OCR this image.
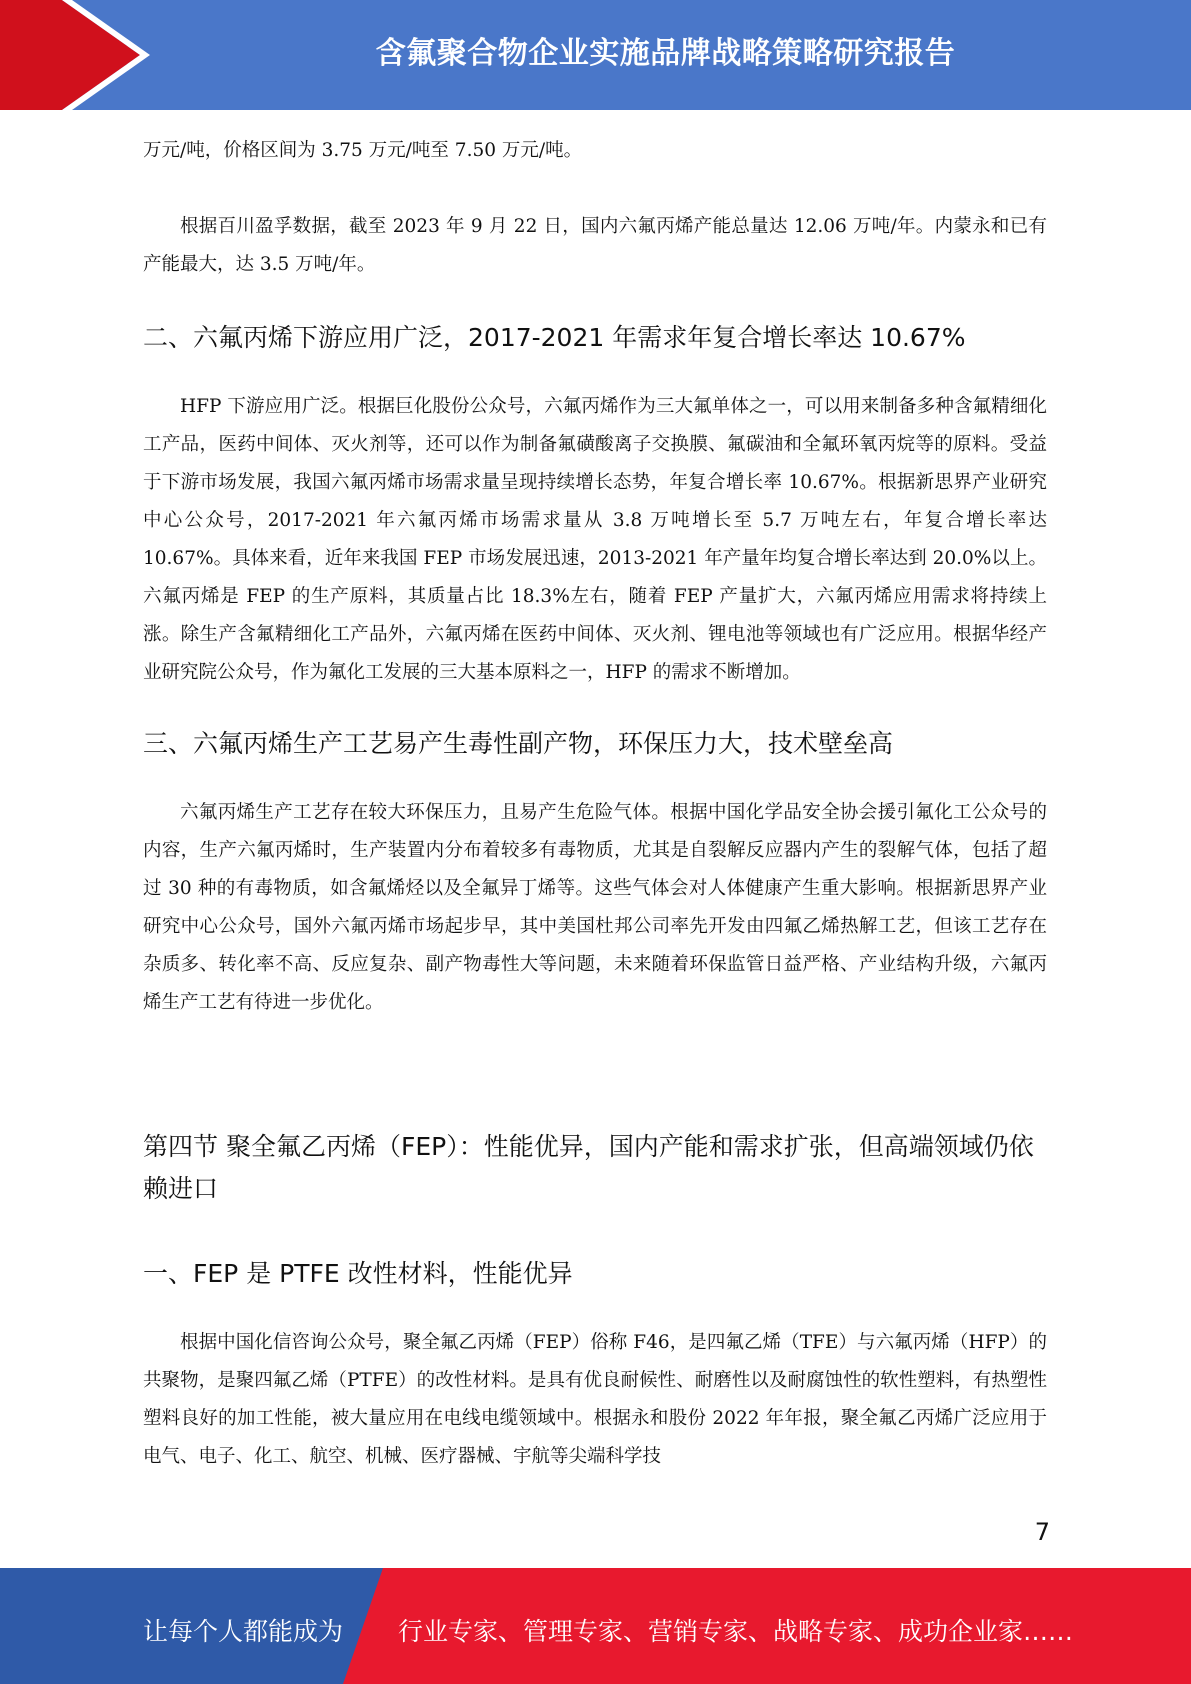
含氟聚合物企业实施品牌战略策略研究报告

万元/吨，价格区间为 3.75 万元/吨至 7.50 万元/吨。

根据百川盈孚数据，截至 2023 年 9 月 22 日，国内六氟丙烯产能总量达 12.06 万吨/年。内蒙永和已有产能最大，达 3.5 万吨/年。

二、六氟丙烯下游应用广泛，2017-2021 年需求年复合增长率达 10.67%

HFP 下游应用广泛。根据巨化股份公众号，六氟丙烯作为三大氟单体之一，可以用来制备多种含氟精细化工产品，医药中间体、灭火剂等，还可以作为制备氟磺酸离子交换膜、氟碳油和全氟环氧丙烷等的原料。受益于下游市场发展，我国六氟丙烯市场需求量呈现持续增长态势，年复合增长率 10.67%。根据新思界产业研究中心公众号，2017-2021 年六氟丙烯市场需求量从 3.8 万吨增长至 5.7 万吨左右，年复合增长率达 10.67%。具体来看，近年来我国 FEP 市场发展迅速，2013-2021 年产量年均复合增长率达到 20.0%以上。六氟丙烯是 FEP 的生产原料，其质量占比 18.3%左右，随着 FEP 产量扩大，六氟丙烯应用需求将持续上涨。除生产含氟精细化工产品外，六氟丙烯在医药中间体、灭火剂、锂电池等领域也有广泛应用。根据华经产业研究院公众号，作为氟化工发展的三大基本原料之一，HFP 的需求不断增加。

三、六氟丙烯生产工艺易产生毒性副产物，环保压力大，技术壁垒高

六氟丙烯生产工艺存在较大环保压力，且易产生危险气体。根据中国化学品安全协会援引氟化工公众号的内容，生产六氟丙烯时，生产装置内分布着较多有毒物质，尤其是自裂解反应器内产生的裂解气体，包括了超过 30 种的有毒物质，如含氟烯烃以及全氟异丁烯等。这些气体会对人体健康产生重大影响。根据新思界产业研究中心公众号，国外六氟丙烯市场起步早，其中美国杜邦公司率先开发由四氟乙烯热解工艺，但该工艺存在杂质多、转化率不高、反应复杂、副产物毒性大等问题，未来随着环保监管日益严格、产业结构升级，六氟丙烯生产工艺有待进一步优化。

第四节 聚全氟乙丙烯（FEP）：性能优异，国内产能和需求扩张，但高端领域仍依赖进口
一、FEP 是 PTFE 改性材料，性能优异

根据中国化信咨询公众号，聚全氟乙丙烯（FEP）俗称 F46，是四氟乙烯（TFE）与六氟丙烯（HFP）的共聚物，是聚四氟乙烯（PTFE）的改性材料。是具有优良耐候性、耐磨性以及耐腐蚀性的软性塑料，有热塑性塑料良好的加工性能，被大量应用在电线电缆领域中。根据永和股份 2022 年年报，聚全氟乙丙烯广泛应用于电气、电子、化工、航空、机械、医疗器械、宇航等尖端科学技

7
让每个人都能成为 行业专家、管理专家、营销专家、战略专家、成功企业家……
